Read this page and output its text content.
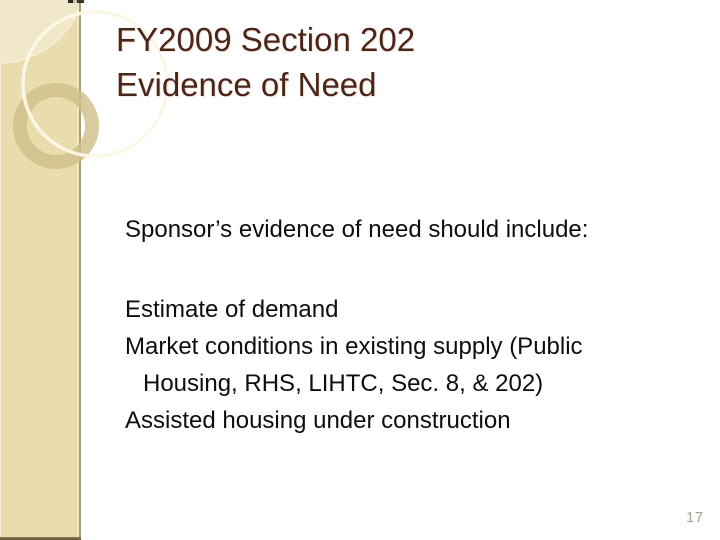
FY2009 Section 202
Evidence of Need

Sponsor’s evidence of need should include:

Estimate of demand
Market conditions in existing supply (Public
Housing, RHS, LIHTC, Sec. 8, & 202)
Assisted housing under construction
17
